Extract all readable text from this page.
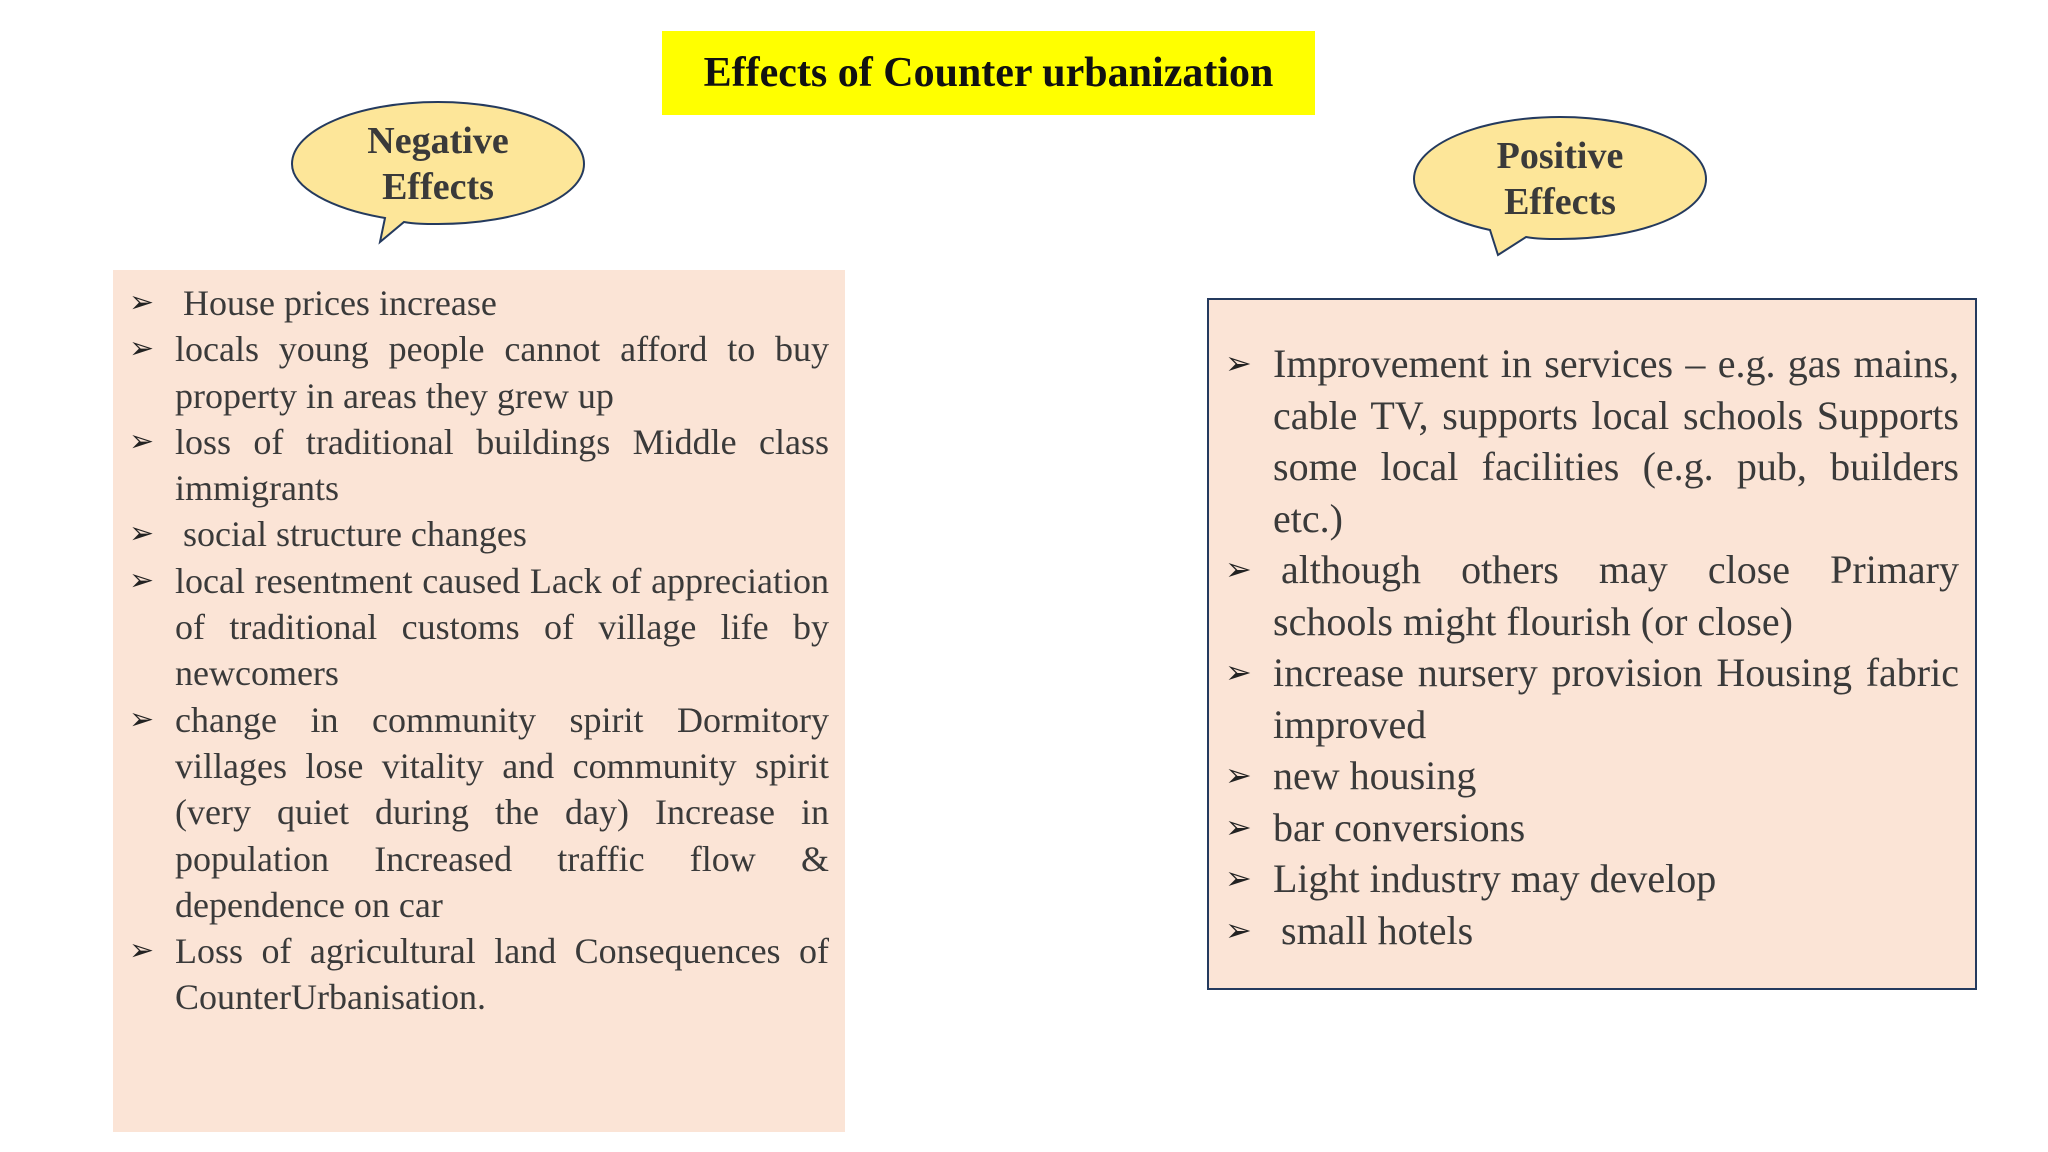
Effects of Counter urbanization
Negative
Effects
Positive
Effects
➢ House prices increase
➢ locals young people cannot afford to buy property in areas they grew up
➢ loss of traditional buildings Middle class immigrants
➢ social structure changes
➢ local resentment caused Lack of appreciation of traditional customs of village life by newcomers
➢ change in community spirit Dormitory villages lose vitality and community spirit (very quiet during the day) Increase in population Increased traffic flow & dependence on car
➢ Loss of agricultural land Consequences of CounterUrbanisation.
➢ Improvement in services – e.g. gas mains, cable TV, supports local schools Supports some local facilities (e.g. pub, builders etc.)
➢ although others may close Primary schools might flourish (or close)
➢ increase nursery provision Housing fabric improved
➢ new housing
➢ bar conversions
➢ Light industry may develop
➢ small hotels
